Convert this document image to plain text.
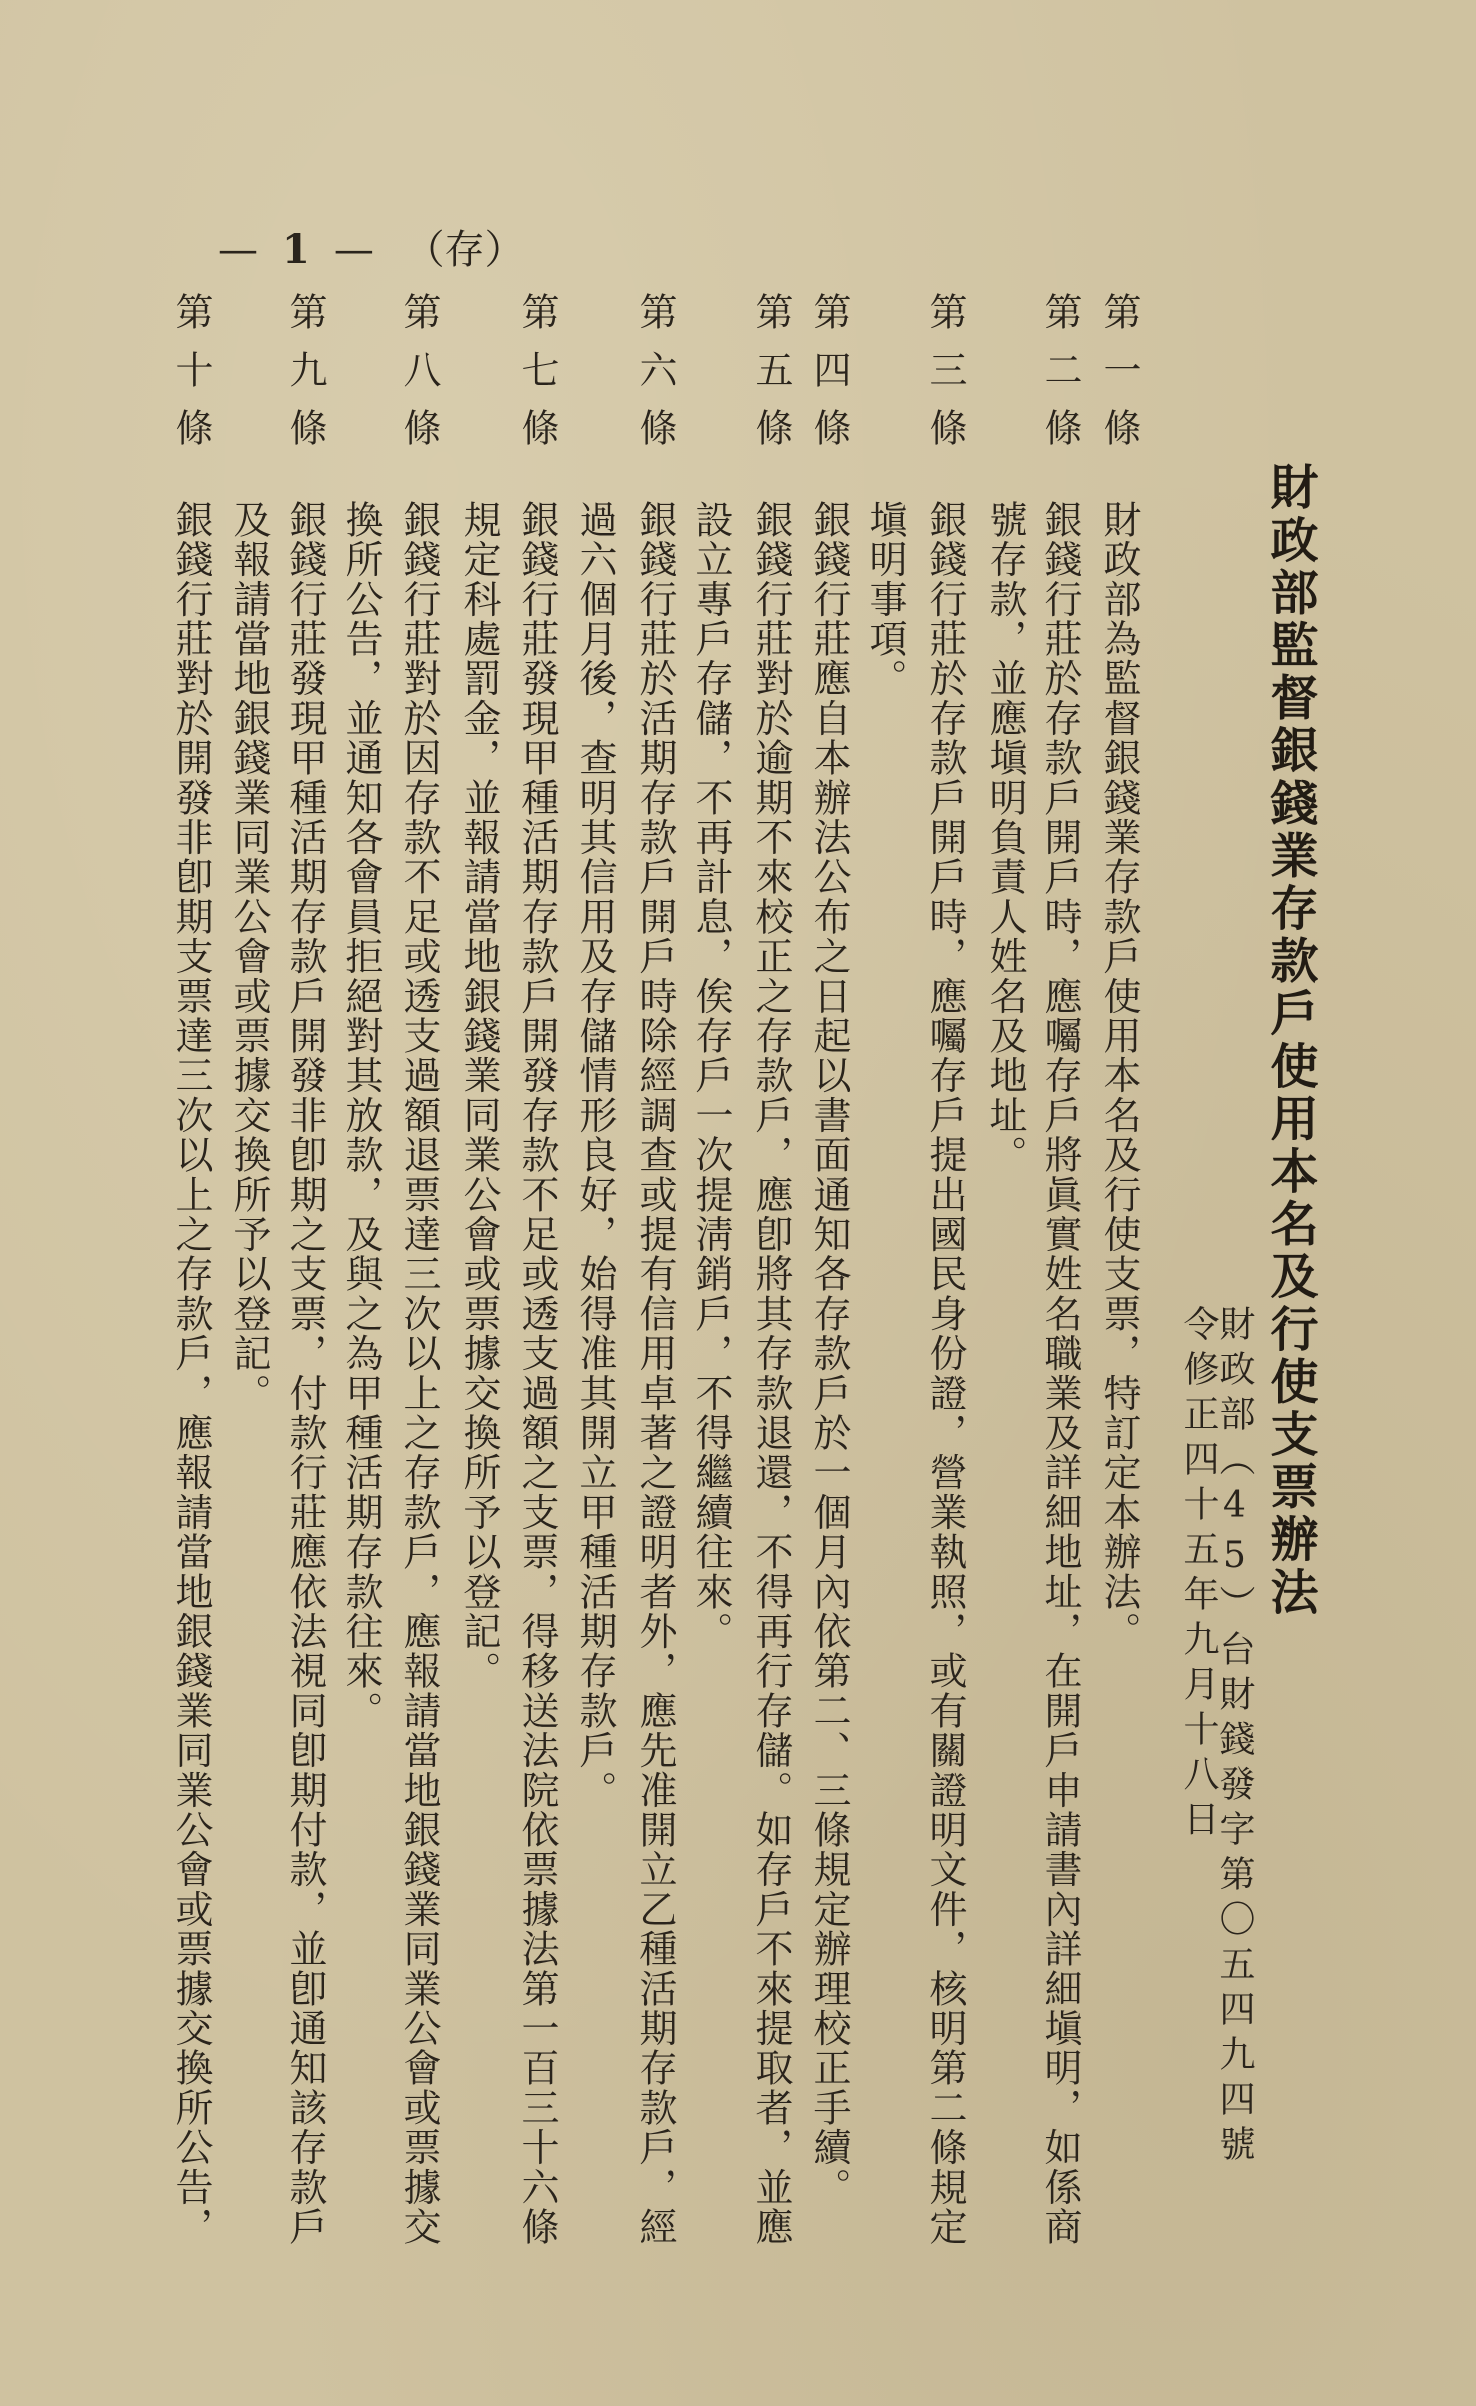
— 1 — （存）
財政部監督銀錢業存款戶使用本名及行使支票辦法
財政部（45）台財錢發字第〇五四九四號
令修正四十五年九月十八日
第一條
財政部為監督銀錢業存款戶使用本名及行使支票，特訂定本辦法。
第二條
銀錢行莊於存款戶開戶時，應囑存戶將眞實姓名職業及詳細地址，在開戶申請書內詳細塡明，如係商
號存款，並應塡明負責人姓名及地址。
第三條
銀錢行莊於存款戶開戶時，應囑存戶提出國民身份證，營業執照，或有關證明文件，核明第二條規定
塡明事項。
第四條
銀錢行莊應自本辦法公布之日起以書面通知各存款戶於一個月內依第二、三條規定辦理校正手續。
第五條
銀錢行莊對於逾期不來校正之存款戶，應卽將其存款退還，不得再行存儲。如存戶不來提取者，並應
設立專戶存儲，不再計息，俟存戶一次提淸銷戶，不得繼續往來。
第六條
銀錢行莊於活期存款戶開戶時除經調查或提有信用卓著之證明者外，應先准開立乙種活期存款戶，經
過六個月後，查明其信用及存儲情形良好，始得准其開立甲種活期存款戶。
第七條
銀錢行莊發現甲種活期存款戶開發存款不足或透支過額之支票，得移送法院依票據法第一百三十六條
規定科處罰金，並報請當地銀錢業同業公會或票據交換所予以登記。
第八條
銀錢行莊對於因存款不足或透支過額退票達三次以上之存款戶，應報請當地銀錢業同業公會或票據交
換所公告，並通知各會員拒絕對其放款，及與之為甲種活期存款往來。
第九條
銀錢行莊發現甲種活期存款戶開發非卽期之支票，付款行莊應依法視同卽期付款，並卽通知該存款戶
及報請當地銀錢業同業公會或票據交換所予以登記。
第十條
銀錢行莊對於開發非卽期支票達三次以上之存款戶，應報請當地銀錢業同業公會或票據交換所公告，
